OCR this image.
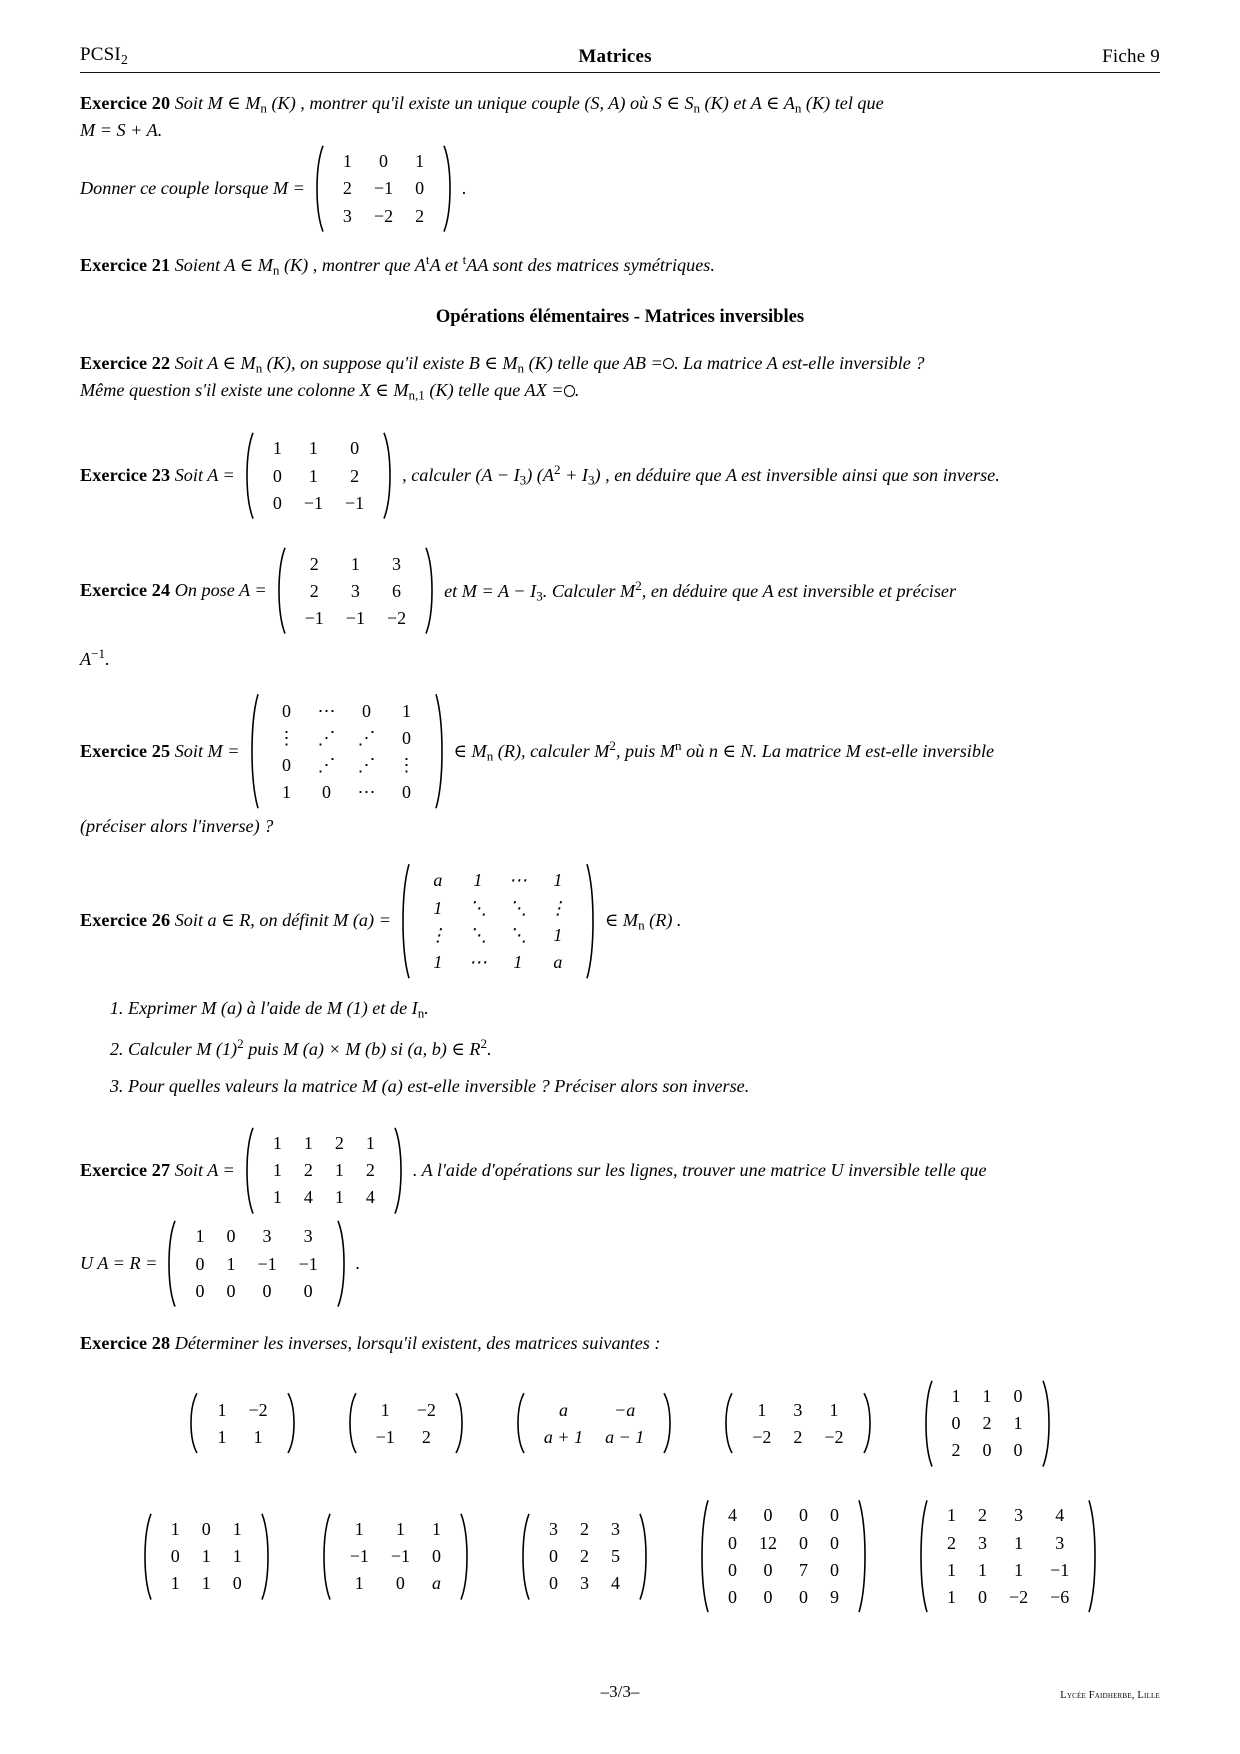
$PCSI_2$	Matrices	Fiche 9
Exercice 20 Soit M ∈ $M_n$ (K) , montrer qu'il existe un unique couple (S, A) où S ∈ $S_n$ (K) et A ∈ $A_n$ (K) tel que
M = S + A.
Donner ce couple lorsque M =
1	0	1
2	−1	0
3	−2	2
.
Exercice 21 Soient A ∈ $M_n$ (K) , montrer que $A^tA$ et $^t$AA sont des matrices symétriques.
Opérations élémentaires - Matrices inversibles
Exercice 22 Soit A ∈ $M_n$ (K), on suppose qu'il existe B ∈ $M_n$ (K) telle que AB = . La matrice A est-elle inversible ?
Même question s'il existe une colonne X ∈ $M_{n,1}$ (K) telle que AX = .
Exercice 23
Soit A =
1	1	0
0	1	2
0	−1	−1
, calculer $(A - I_3)$ $(A^2 + I_3)$ , en déduire que A est inversible ainsi que son inverse.
Exercice 24
On pose A =
2	1	3
2	3	6
−1	−1	−2
et $M = A - I_3$. Calculer $M^2$, en déduire que A est inversible et préciser
$A^{-1}$.
Exercice 25
Soit M =
0	⋯	0	1
⋮	⋰	⋰	0
0	⋰	⋰	⋮
1	0	⋯	0
∈ $M_n$ (R), calculer $M^2$, puis $M^n$ où n ∈ N. La matrice M est-elle inversible
(préciser alors l'inverse) ?
Exercice 26
Soit a ∈ R, on définit M (a) =
a	1	⋯	1
1	⋱	⋱	⋮
⋮	⋱	⋱	1
1	⋯	1	a
∈ $M_n$ (R) .
1. Exprimer M (a) à l'aide de M (1) et de $I_n$.
2. Calculer M $(1)^2$ puis M (a) × M (b) si (a, b) ∈ $R^2$.
3. Pour quelles valeurs la matrice M (a) est-elle inversible ? Préciser alors son inverse.
Exercice 27
Soit A =
1	1	2	1
1	2	1	2
1	4	1	4
. A l'aide d'opérations sur les lignes, trouver une matrice U inversible telle que
U A = R =
1	0	3	3
0	1	−1	−1
0	0	0	0
.
Exercice 28 Déterminer les inverses, lorsqu'il existent, des matrices suivantes :
1	−2
1	1
1	−2
−1	2
a	−a
a + 1	a − 1
1	3	1
−2	2	−2
1	1	0
0	2	1
2	0	0
1	0	1
0	1	1
1	1	0
1	1	1
−1	−1	0
1	0	a
3	2	3
0	2	5
0	3	4
4	0	0	0
0	12	0	0
0	0	7	0
0	0	0	9
1	2	3	4
2	3	1	3
1	1	1	−1
1	0	−2	−6
–3/3–	Lycée Faidherbe, Lille
